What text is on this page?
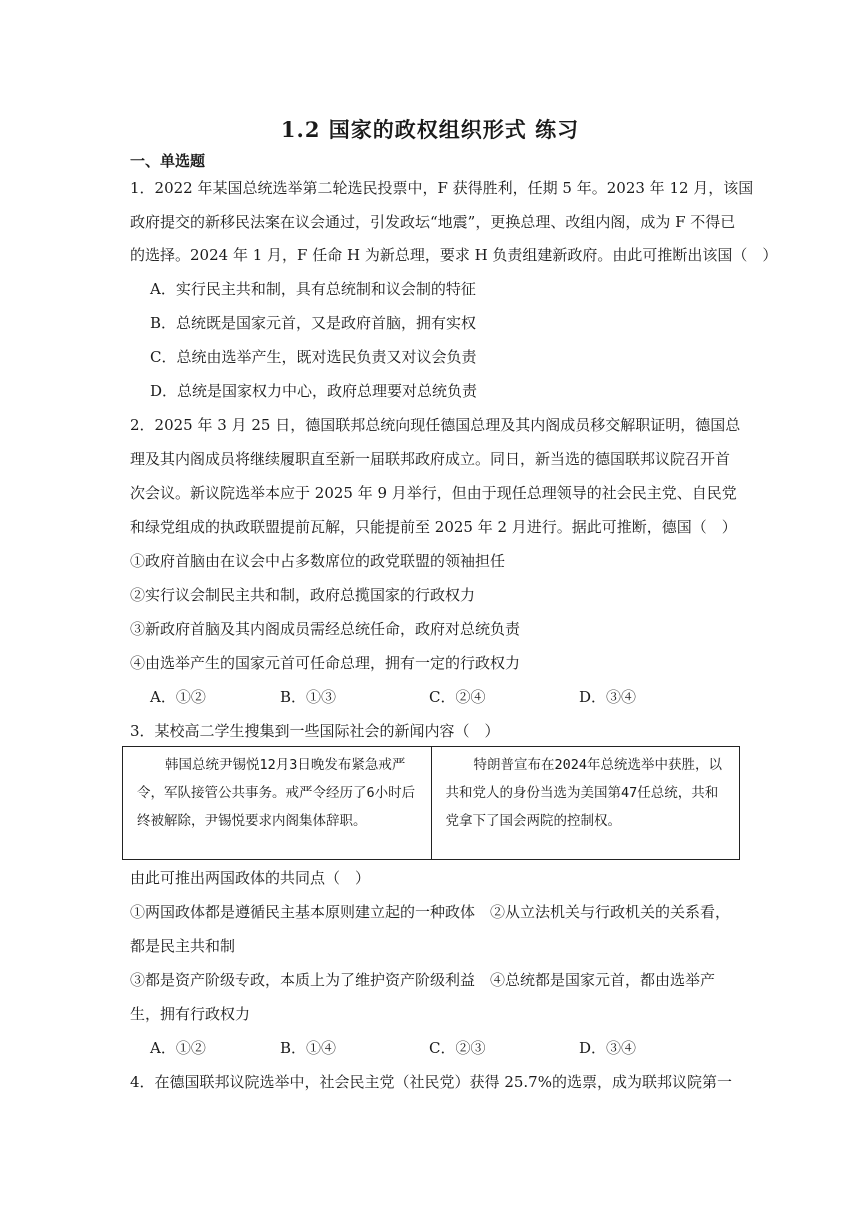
1.2 国家的政权组织形式 练习
一、单选题
1．2022 年某国总统选举第二轮选民投票中，F 获得胜利，任期 5 年。2023 年 12 月，该国
政府提交的新移民法案在议会通过，引发政坛“地震”，更换总理、改组内阁，成为 F 不得已
的选择。2024 年 1 月，F 任命 H 为新总理，要求 H 负责组建新政府。由此可推断出该国（　）
A．实行民主共和制，具有总统制和议会制的特征
B．总统既是国家元首，又是政府首脑，拥有实权
C．总统由选举产生，既对选民负责又对议会负责
D．总统是国家权力中心，政府总理要对总统负责
2．2025 年 3 月 25 日，德国联邦总统向现任德国总理及其内阁成员移交解职证明，德国总
理及其内阁成员将继续履职直至新一届联邦政府成立。同日，新当选的德国联邦议院召开首
次会议。新议院选举本应于 2025 年 9 月举行，但由于现任总理领导的社会民主党、自民党
和绿党组成的执政联盟提前瓦解，只能提前至 2025 年 2 月进行。据此可推断，德国（　）
①政府首脑由在议会中占多数席位的政党联盟的领袖担任
②实行议会制民主共和制，政府总揽国家的行政权力
③新政府首脑及其内阁成员需经总统任命，政府对总统负责
④由选举产生的国家元首可任命总理，拥有一定的行政权力
A．①②	B．①③	C．②④	D．③④
3．某校高二学生搜集到一些国际社会的新闻内容（　）
韩国总统尹锡悦12月3日晚发布紧急戒严令，军队接管公共事务。戒严令经历了6小时后终被解除，尹锡悦要求内阁集体辞职。

特朗普宣布在2024年总统选举中获胜，以共和党人的身份当选为美国第47任总统，共和党拿下了国会两院的控制权。
由此可推出两国政体的共同点（　）
①两国政体都是遵循民主基本原则建立起的一种政体　②从立法机关与行政机关的关系看，
都是民主共和制
③都是资产阶级专政，本质上为了维护资产阶级利益　④总统都是国家元首，都由选举产
生，拥有行政权力
A．①②	B．①④	C．②③	D．③④
4．在德国联邦议院选举中，社会民主党（社民党）获得 25.7%的选票，成为联邦议院第一
